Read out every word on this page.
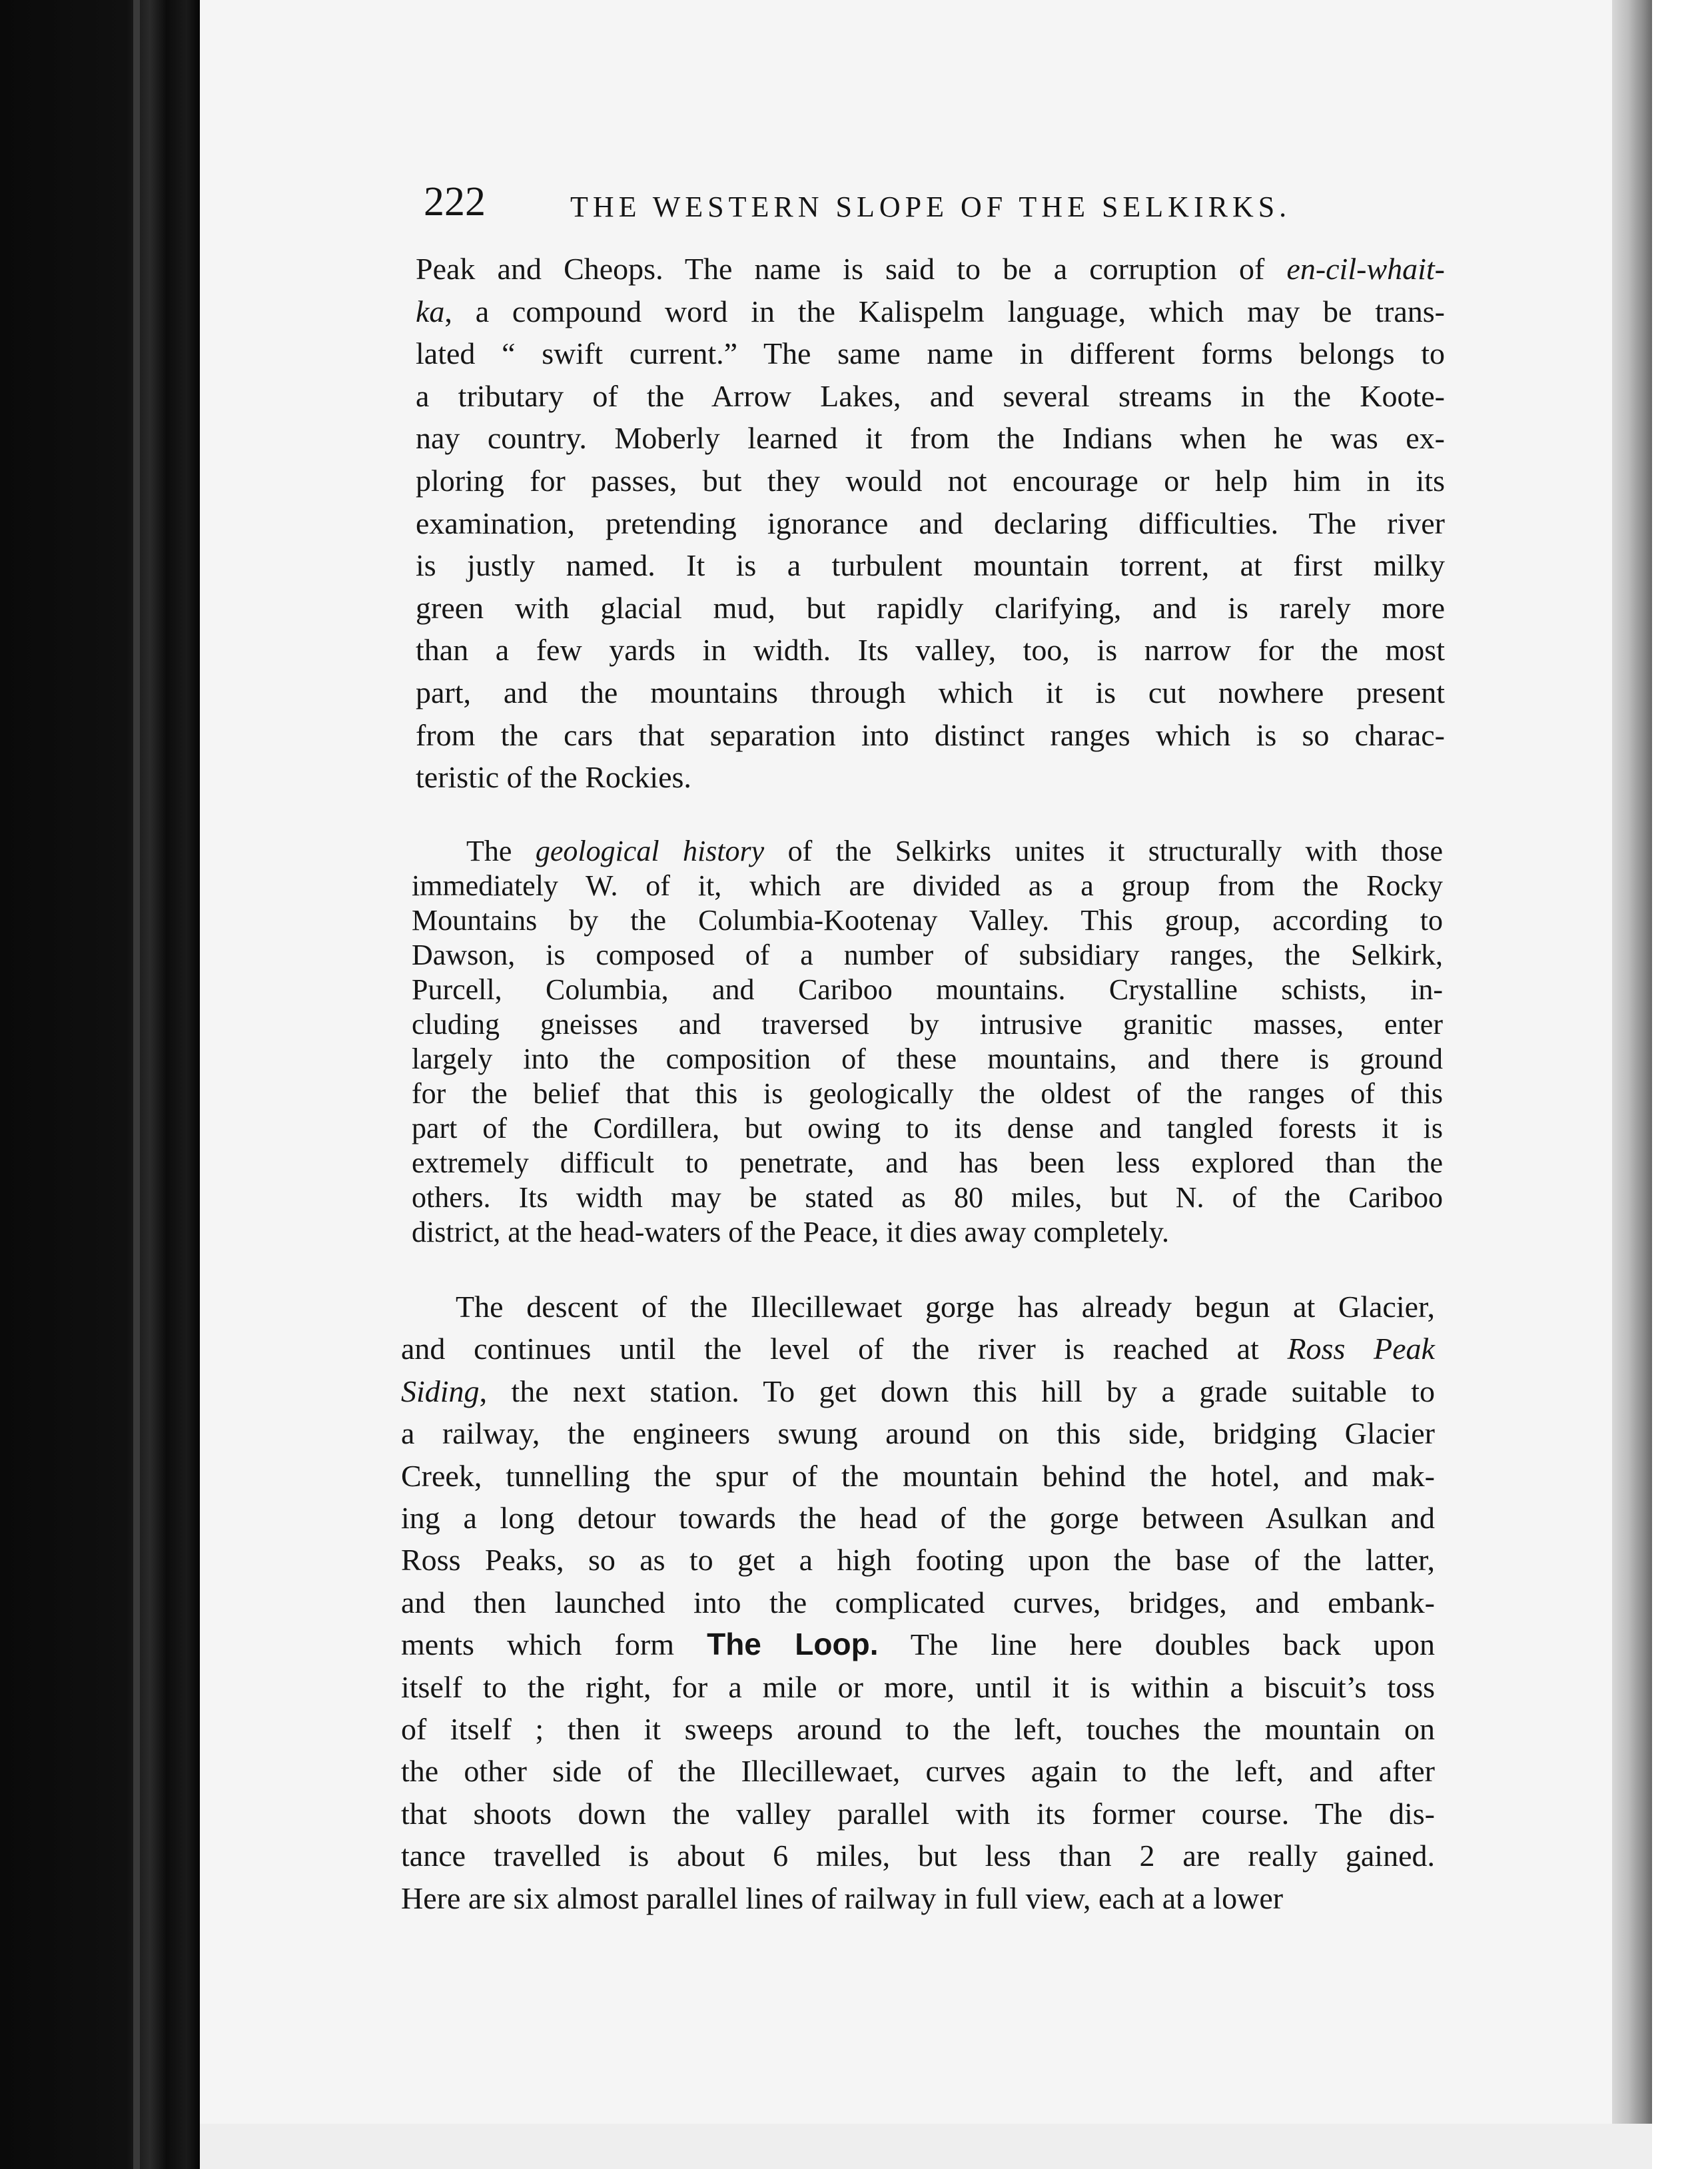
222	THE WESTERN SLOPE OF THE SELKIRKS.
Peak and Cheops. The name is said to be a corruption of en-cil-whait-
ka, a compound word in the Kalispelm language, which may be trans-
lated “ swift current.” The same name in different forms belongs to
a tributary of the Arrow Lakes, and several streams in the Koote-
nay country. Moberly learned it from the Indians when he was ex-
ploring for passes, but they would not encourage or help him in its
examination, pretending ignorance and declaring difficulties. The river
is justly named. It is a turbulent mountain torrent, at first milky
green with glacial mud, but rapidly clarifying, and is rarely more
than a few yards in width. Its valley, too, is narrow for the most
part, and the mountains through which it is cut nowhere present
from the cars that separation into distinct ranges which is so charac-
teristic of the Rockies.
The geological history of the Selkirks unites it structurally with those
immediately W. of it, which are divided as a group from the Rocky
Mountains by the Columbia-Kootenay Valley. This group, according to
Dawson, is composed of a number of subsidiary ranges, the Selkirk,
Purcell, Columbia, and Cariboo mountains. Crystalline schists, in-
cluding gneisses and traversed by intrusive granitic masses, enter
largely into the composition of these mountains, and there is ground
for the belief that this is geologically the oldest of the ranges of this
part of the Cordillera, but owing to its dense and tangled forests it is
extremely difficult to penetrate, and has been less explored than the
others. Its width may be stated as 80 miles, but N. of the Cariboo
district, at the head-waters of the Peace, it dies away completely.
The descent of the Illecillewaet gorge has already begun at Glacier,
and continues until the level of the river is reached at Ross Peak
Siding, the next station. To get down this hill by a grade suitable to
a railway, the engineers swung around on this side, bridging Glacier
Creek, tunnelling the spur of the mountain behind the hotel, and mak-
ing a long detour towards the head of the gorge between Asulkan and
Ross Peaks, so as to get a high footing upon the base of the latter,
and then launched into the complicated curves, bridges, and embank-
ments which form The Loop. The line here doubles back upon
itself to the right, for a mile or more, until it is within a biscuit’s toss
of itself ; then it sweeps around to the left, touches the mountain on
the other side of the Illecillewaet, curves again to the left, and after
that shoots down the valley parallel with its former course. The dis-
tance travelled is about 6 miles, but less than 2 are really gained.
Here are six almost parallel lines of railway in full view, each at a lower
